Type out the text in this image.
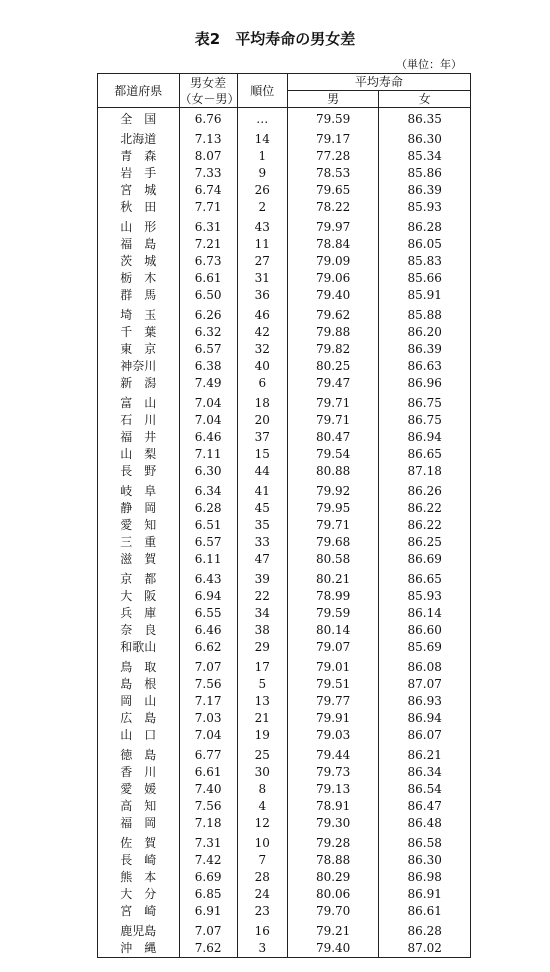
表2　平均寿命の男女差
（単位：年）
都道府県	男女差
（女－男）	順位	平均寿命	
			男	女
全　国	6.76	…	79.59	86.35
北海道	7.13	14	79.17	86.30
青　森	8.07	1	77.28	85.34
岩　手	7.33	9	78.53	85.86
宮　城	6.74	26	79.65	86.39
秋　田	7.71	2	78.22	85.93
山　形	6.31	43	79.97	86.28
福　島	7.21	11	78.84	86.05
茨　城	6.73	27	79.09	85.83
栃　木	6.61	31	79.06	85.66
群　馬	6.50	36	79.40	85.91
埼　玉	6.26	46	79.62	85.88
千　葉	6.32	42	79.88	86.20
東　京	6.57	32	79.82	86.39
神奈川	6.38	40	80.25	86.63
新　潟	7.49	6	79.47	86.96
富　山	7.04	18	79.71	86.75
石　川	7.04	20	79.71	86.75
福　井	6.46	37	80.47	86.94
山　梨	7.11	15	79.54	86.65
長　野	6.30	44	80.88	87.18
岐　阜	6.34	41	79.92	86.26
静　岡	6.28	45	79.95	86.22
愛　知	6.51	35	79.71	86.22
三　重	6.57	33	79.68	86.25
滋　賀	6.11	47	80.58	86.69
京　都	6.43	39	80.21	86.65
大　阪	6.94	22	78.99	85.93
兵　庫	6.55	34	79.59	86.14
奈　良	6.46	38	80.14	86.60
和歌山	6.62	29	79.07	85.69
鳥　取	7.07	17	79.01	86.08
島　根	7.56	5	79.51	87.07
岡　山	7.17	13	79.77	86.93
広　島	7.03	21	79.91	86.94
山　口	7.04	19	79.03	86.07
徳　島	6.77	25	79.44	86.21
香　川	6.61	30	79.73	86.34
愛　媛	7.40	8	79.13	86.54
高　知	7.56	4	78.91	86.47
福　岡	7.18	12	79.30	86.48
佐　賀	7.31	10	79.28	86.58
長　崎	7.42	7	78.88	86.30
熊　本	6.69	28	80.29	86.98
大　分	6.85	24	80.06	86.91
宮　崎	6.91	23	79.70	86.61
鹿児島	7.07	16	79.21	86.28
沖　縄	7.62	3	79.40	87.02
